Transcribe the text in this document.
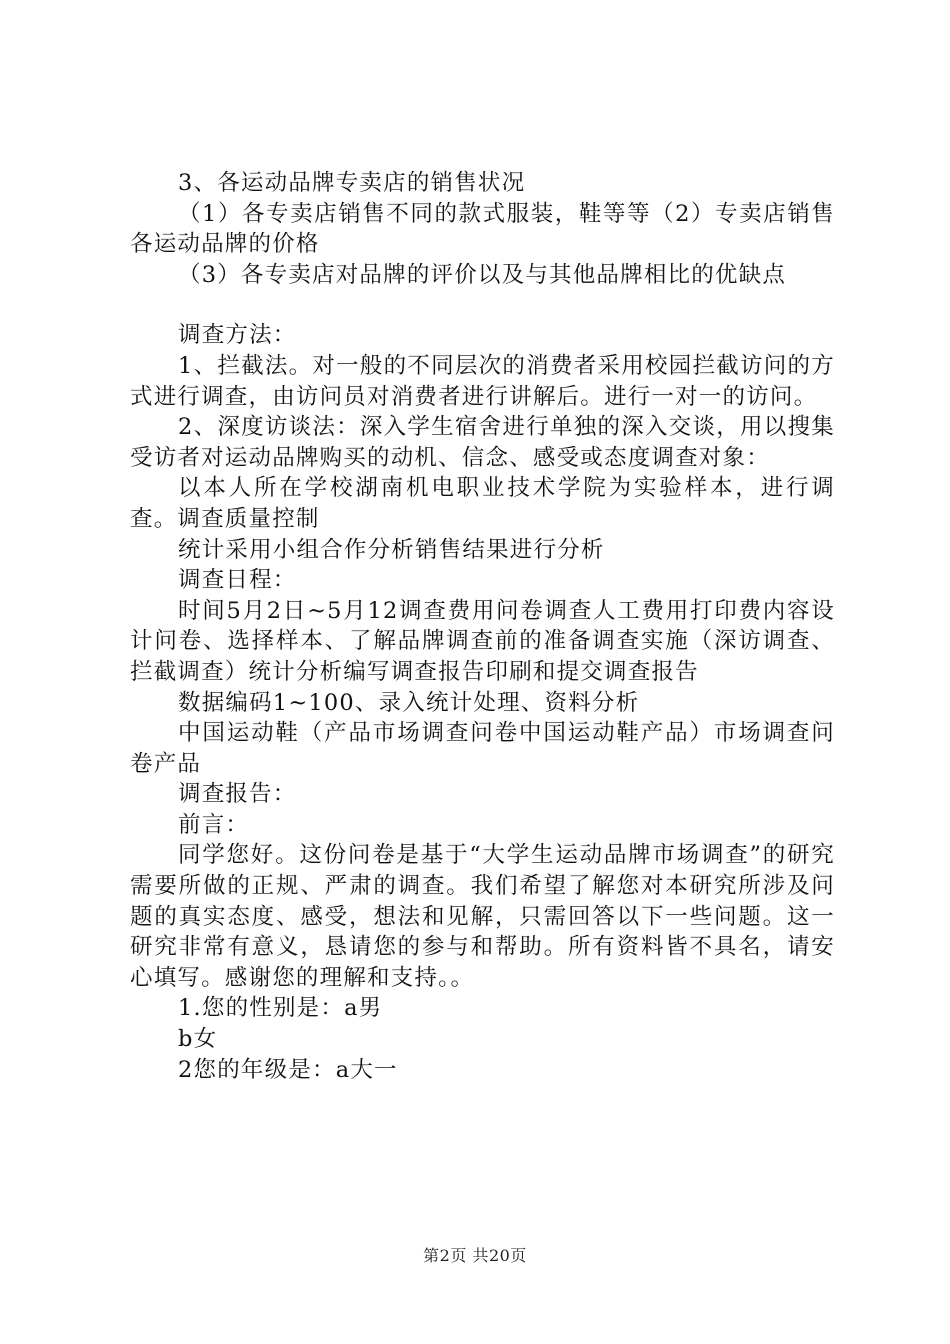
3、各运动品牌专卖店的销售状况

（1）各专卖店销售不同的款式服装，鞋等等（2）专卖店销售各运动品牌的价格

（3）各专卖店对品牌的评价以及与其他品牌相比的优缺点

调查方法：

1、拦截法。对一般的不同层次的消费者采用校园拦截访问的方式进行调查，由访问员对消费者进行讲解后。进行一对一的访问。

2、深度访谈法：深入学生宿舍进行单独的深入交谈，用以搜集受访者对运动品牌购买的动机、信念、感受或态度调查对象：

以本人所在学校湖南机电职业技术学院为实验样本，进行调查。调查质量控制

统计采用小组合作分析销售结果进行分析

调查日程：

时间5月2日~5月12调查费用问卷调查人工费用打印费内容设计问卷、选择样本、了解品牌调查前的准备调查实施（深访调查、拦截调查）统计分析编写调查报告印刷和提交调查报告

数据编码1~100、录入统计处理、资料分析

中国运动鞋（产品市场调查问卷中国运动鞋产品）市场调查问卷产品

调查报告：

前言：

同学您好。这份问卷是基于“大学生运动品牌市场调查”的研究需要所做的正规、严肃的调查。我们希望了解您对本研究所涉及问题的真实态度、感受，想法和见解，只需回答以下一些问题。这一研究非常有意义，恳请您的参与和帮助。所有资料皆不具名，请安心填写。感谢您的理解和支持。。

1.您的性别是：a男

b女

2您的年级是：a大一

第2页 共20页
